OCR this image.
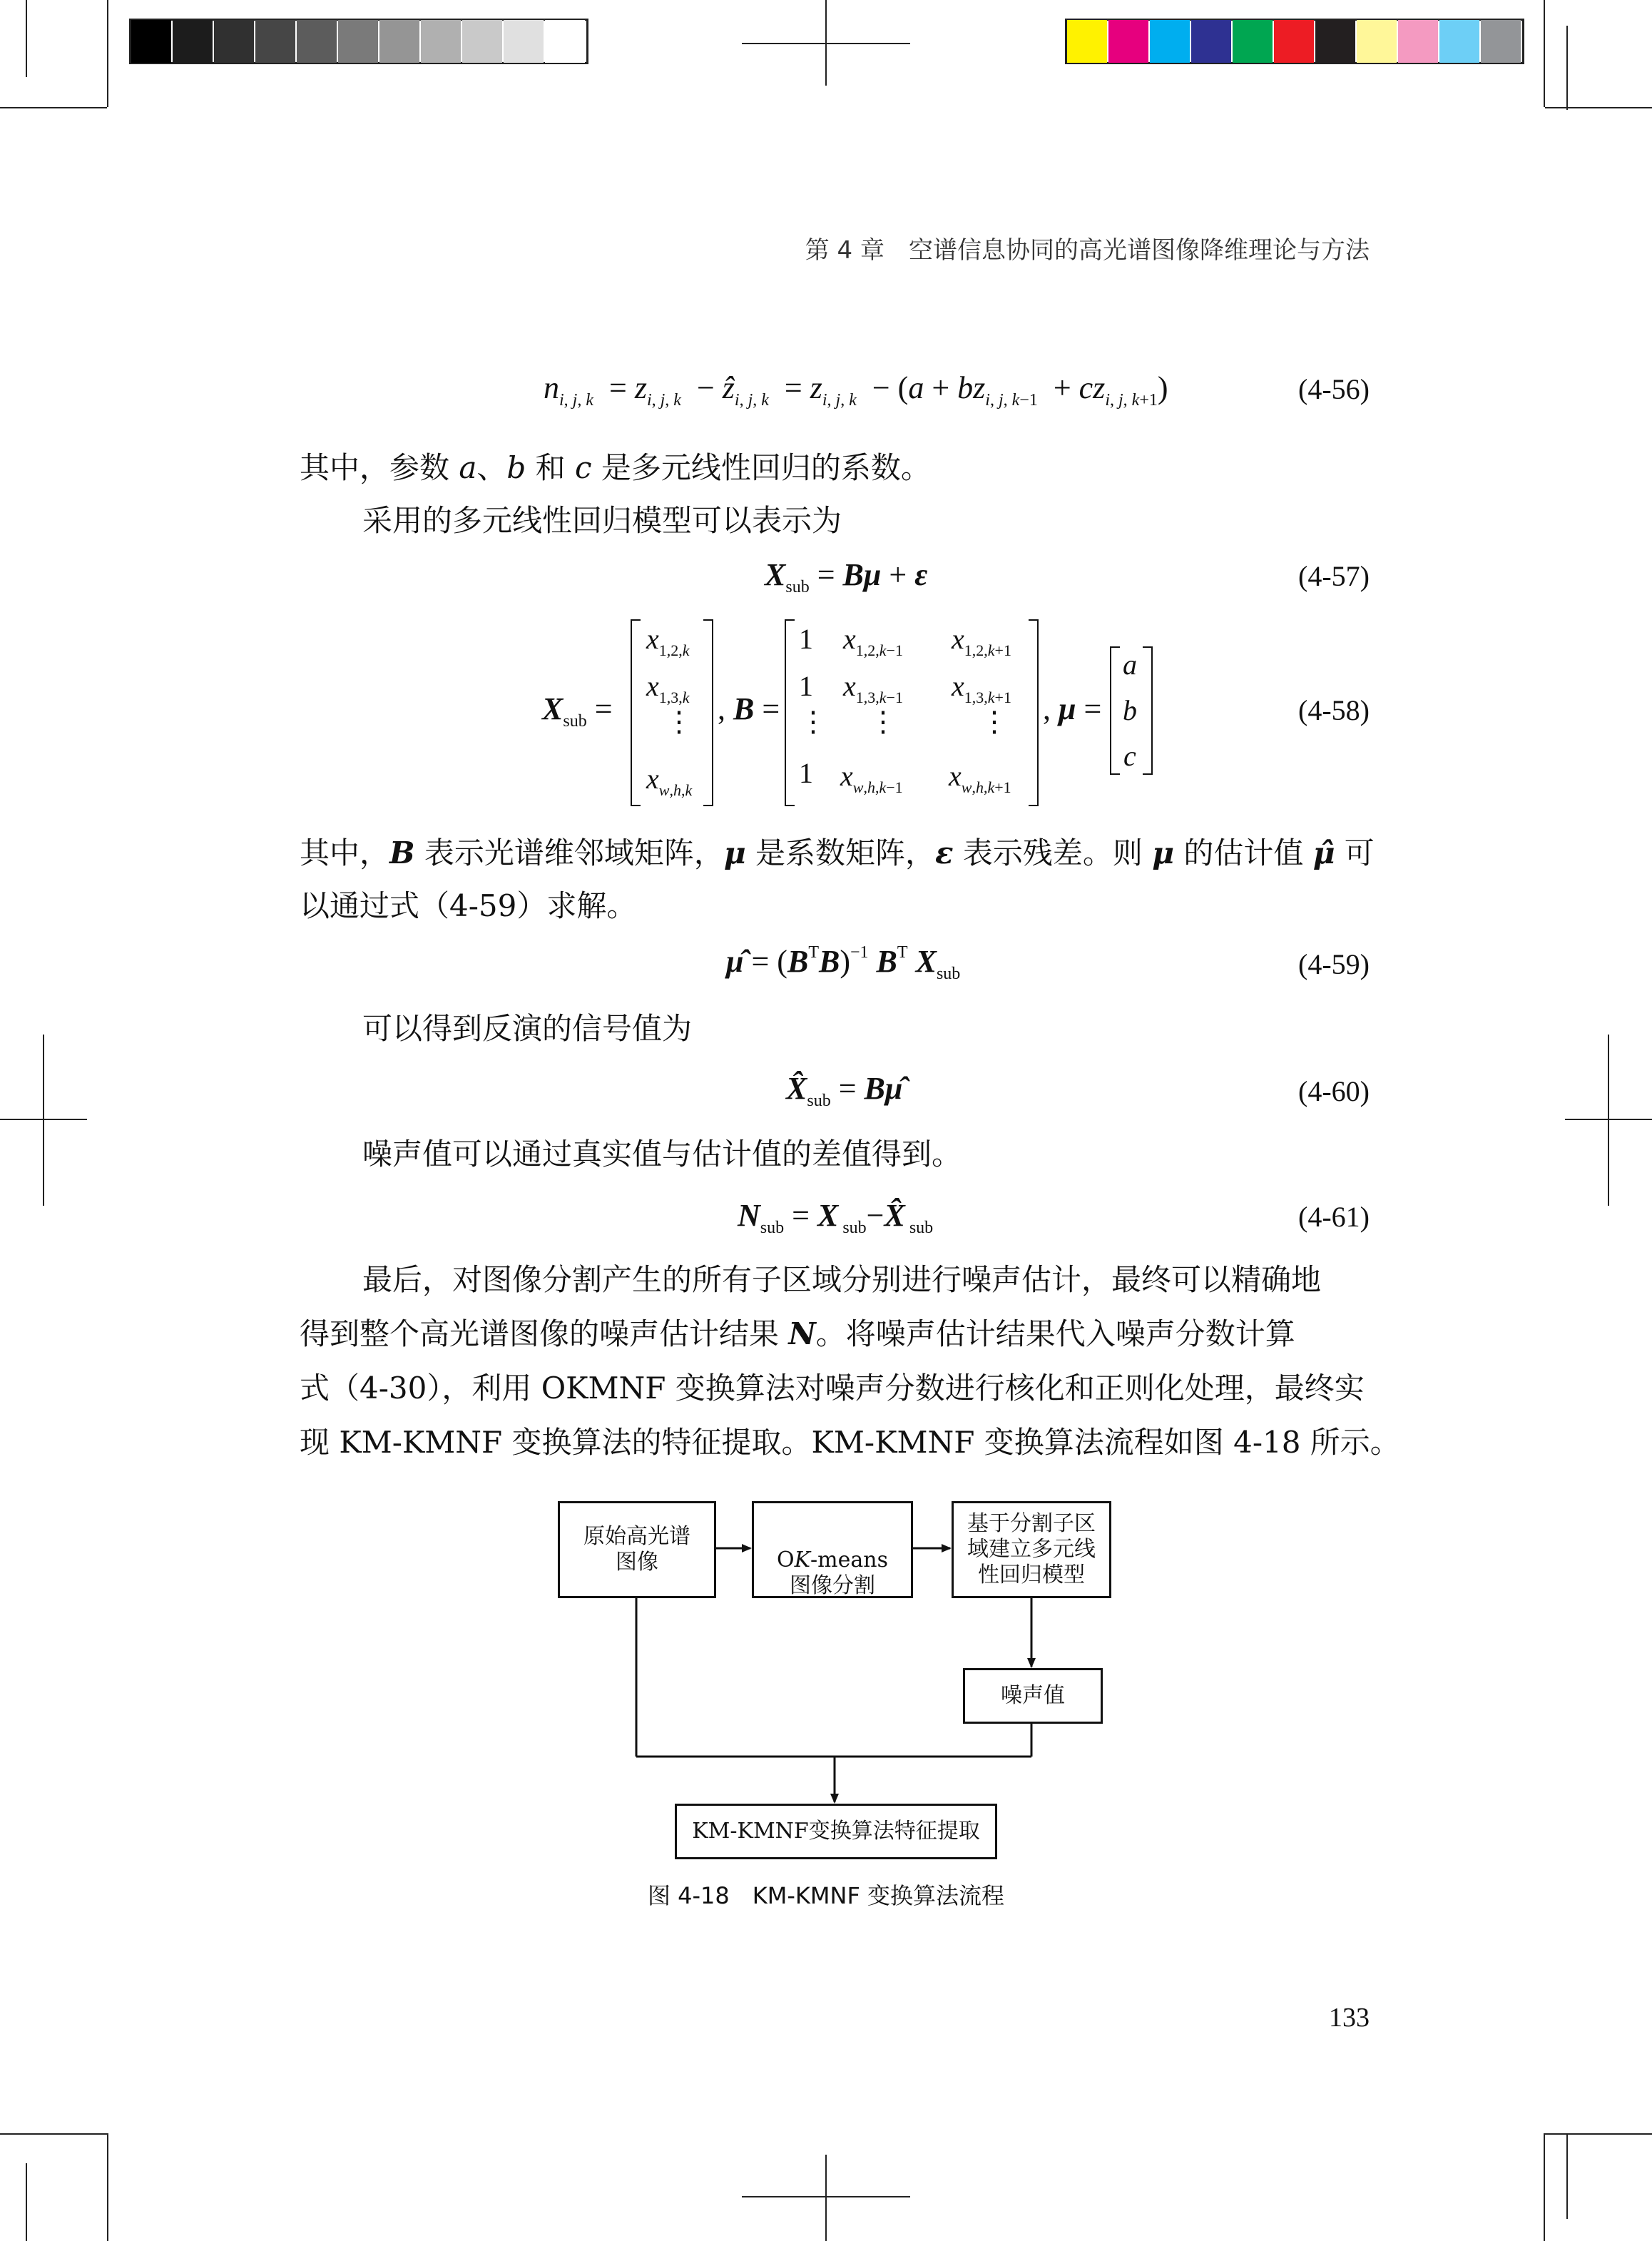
第 4 章　空谱信息协同的高光谱图像降维理论与方法
$n_{i,}$ $_{j,}$ $_k = z_{i,}$ $_{j,}$ $_k$  − ẑ$_{i,}$ $_{j,}$ $_k = z_{i,}$ $_{j,}$ $_k - (a + bz_{i,}$ $_{j,}$ $_{k-1} + cz_{i,}$ $_{j,}$ $_{k+1}$)	(4-56)
其中，参数 a、b 和 c 是多元线性回归的系数。
采用的多元线性回归模型可以表示为
$X_{sub} = B\mu + \varepsilon$	(4-57)
$X_{sub}$ =
$x_{1,2,k}$
$x_{1,3,k}$
⋮
$x_{w,h,k}$
, B =
1 $x_{1,2,k-1}$ $x_{1,2,k+1}$
1 $x_{1,3,k-1}$ $x_{1,3,k+1}$
⋮ ⋮	⋮
1 $x_{w,h,k-1}$ $x_{w,h,k+1}$
, μ =
a
b
c
(4-58)
其中，B 表示光谱维邻域矩阵，μ 是系数矩阵，ε 表示残差。则 μ 的估计值 μ̂ 可
以通过式（4-59）求解。
μ̂ = $(B^TB)^{-1}$ $B^T$ $X_{sub}$	(4-59)
可以得到反演的信号值为
$X̂_{sub}$ = Bμ̂	(4-60)
噪声值可以通过真实值与估计值的差值得到。
$N_{sub} = X$ $_{sub}$−X̂ $_{sub}$	(4-61)
最后，对图像分割产生的所有子区域分别进行噪声估计，最终可以精确地
得到整个高光谱图像的噪声估计结果 N。将噪声估计结果代入噪声分数计算
式（4-30），利用 OKMNF 变换算法对噪声分数进行核化和正则化处理，最终实
现 KM-KMNF 变换算法的特征提取。KM-KMNF 变换算法流程如图 4-18 所示。
原始高光谱
图像	OK-means
图像分割

基于分割子区
域建立多元线
性回归模型
噪声值
KM-KMNF变换算法特征提取
图 4-18　KM-KMNF 变换算法流程
133
